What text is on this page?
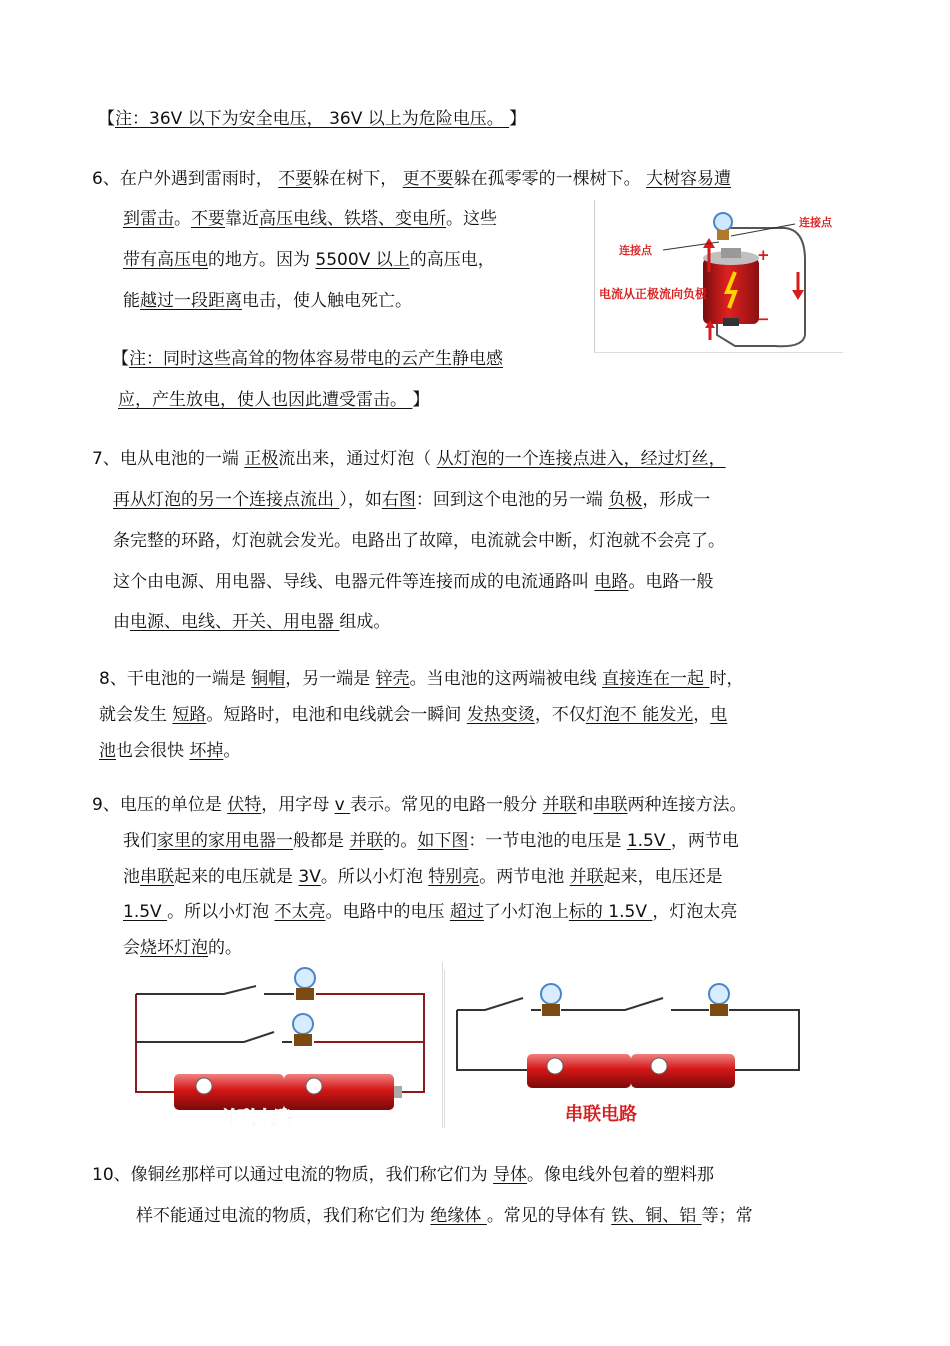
【注：36V 以下为安全电压， 36V 以上为危险电压。 】
6、在户外遇到雷雨时， 不要躲在树下， 更不要躲在孤零零的一棵树下。 大树容易遭
到雷击。不要靠近高压电线、铁塔、变电所。这些
带有高压电的地方。因为 5500V 以上的高压电，
能越过一段距离电击，使人触电死亡。
【注：同时这些高耸的物体容易带电的云产生静电感
应，产生放电，使人也因此遭受雷击。 】
连接点
连接点
电流从正极流向负极
+
−
7、电从电池的一端 正极流出来，通过灯泡（ 从灯泡的一个连接点进入，经过灯丝，
再从灯泡的另一个连接点流出 ），如右图：回到这个电池的另一端 负极，形成一
条完整的环路，灯泡就会发光。电路出了故障，电流就会中断，灯泡就不会亮了。
这个由电源、用电器、导线、电器元件等连接而成的电流通路叫 电路。电路一般
由电源、电线、开关、用电器 组成。
8、干电池的一端是 铜帽，另一端是 锌壳。当电池的这两端被电线 直接连在一起 时，
就会发生 短路。短路时，电池和电线就会一瞬间 发热变烫，不仅灯泡不 能发光，电
池也会很快 坏掉。
9、电压的单位是 伏特，用字母 v 表示。常见的电路一般分 并联和串联两种连接方法。
我们家里的家用电器一般都是 并联的。如下图：一节电池的电压是 1.5V ，两节电
池串联起来的电压就是 3V。所以小灯泡 特别亮。两节电池 并联起来，电压还是
1.5V 。所以小灯泡 不太亮。电路中的电压 超过了小灯泡上标的 1.5V ，灯泡太亮
会烧坏灯泡的。
并联电路	串联电路
10、像铜丝那样可以通过电流的物质，我们称它们为 导体。像电线外包着的塑料那
样不能通过电流的物质，我们称它们为 绝缘体 。常见的导体有 铁、铜、铝 等；常
